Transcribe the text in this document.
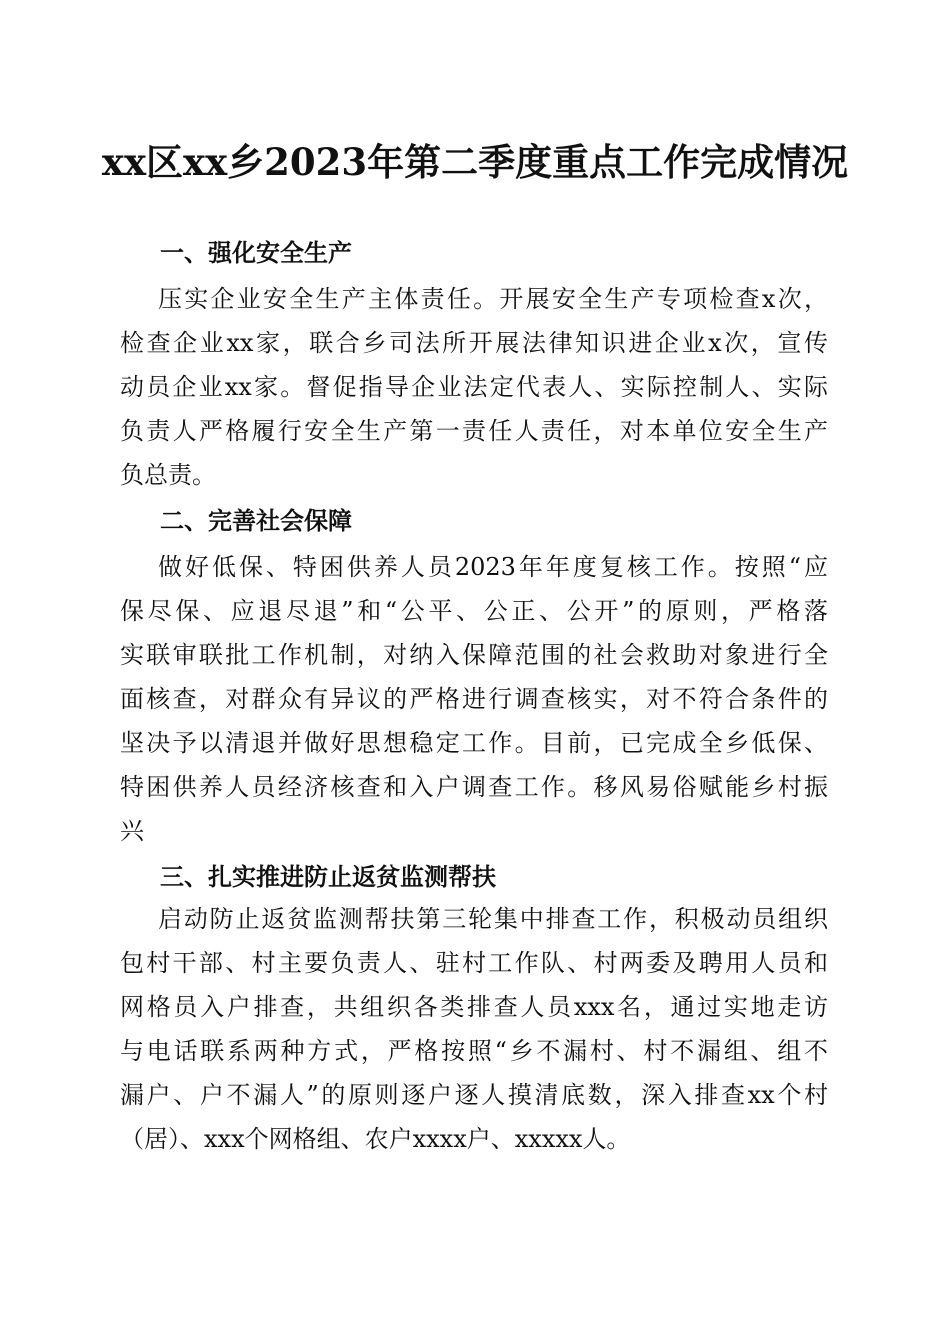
xx区xx乡2023年第二季度重点工作完成情况
一、强化安全生产
压实企业安全生产主体责任。开展安全生产专项检查x次，
检查企业xx家，联合乡司法所开展法律知识进企业x次，宣传
动员企业xx家。督促指导企业法定代表人、实际控制人、实际
负责人严格履行安全生产第一责任人责任，对本单位安全生产
负总责。
二、完善社会保障
做好低保、特困供养人员2023年年度复核工作。按照“应
保尽保、应退尽退”和“公平、公正、公开”的原则，严格落
实联审联批工作机制，对纳入保障范围的社会救助对象进行全
面核查，对群众有异议的严格进行调查核实，对不符合条件的
坚决予以清退并做好思想稳定工作。目前，已完成全乡低保、
特困供养人员经济核查和入户调查工作。移风易俗赋能乡村振
兴
三、扎实推进防止返贫监测帮扶
启动防止返贫监测帮扶第三轮集中排查工作，积极动员组织
包村干部、村主要负责人、驻村工作队、村两委及聘用人员和
网格员入户排查，共组织各类排查人员xxx名，通过实地走访
与电话联系两种方式，严格按照“乡不漏村、村不漏组、组不
漏户、户不漏人”的原则逐户逐人摸清底数，深入排查xx个村
（居）、xxx个网格组、农户xxxx户、xxxxx人。
